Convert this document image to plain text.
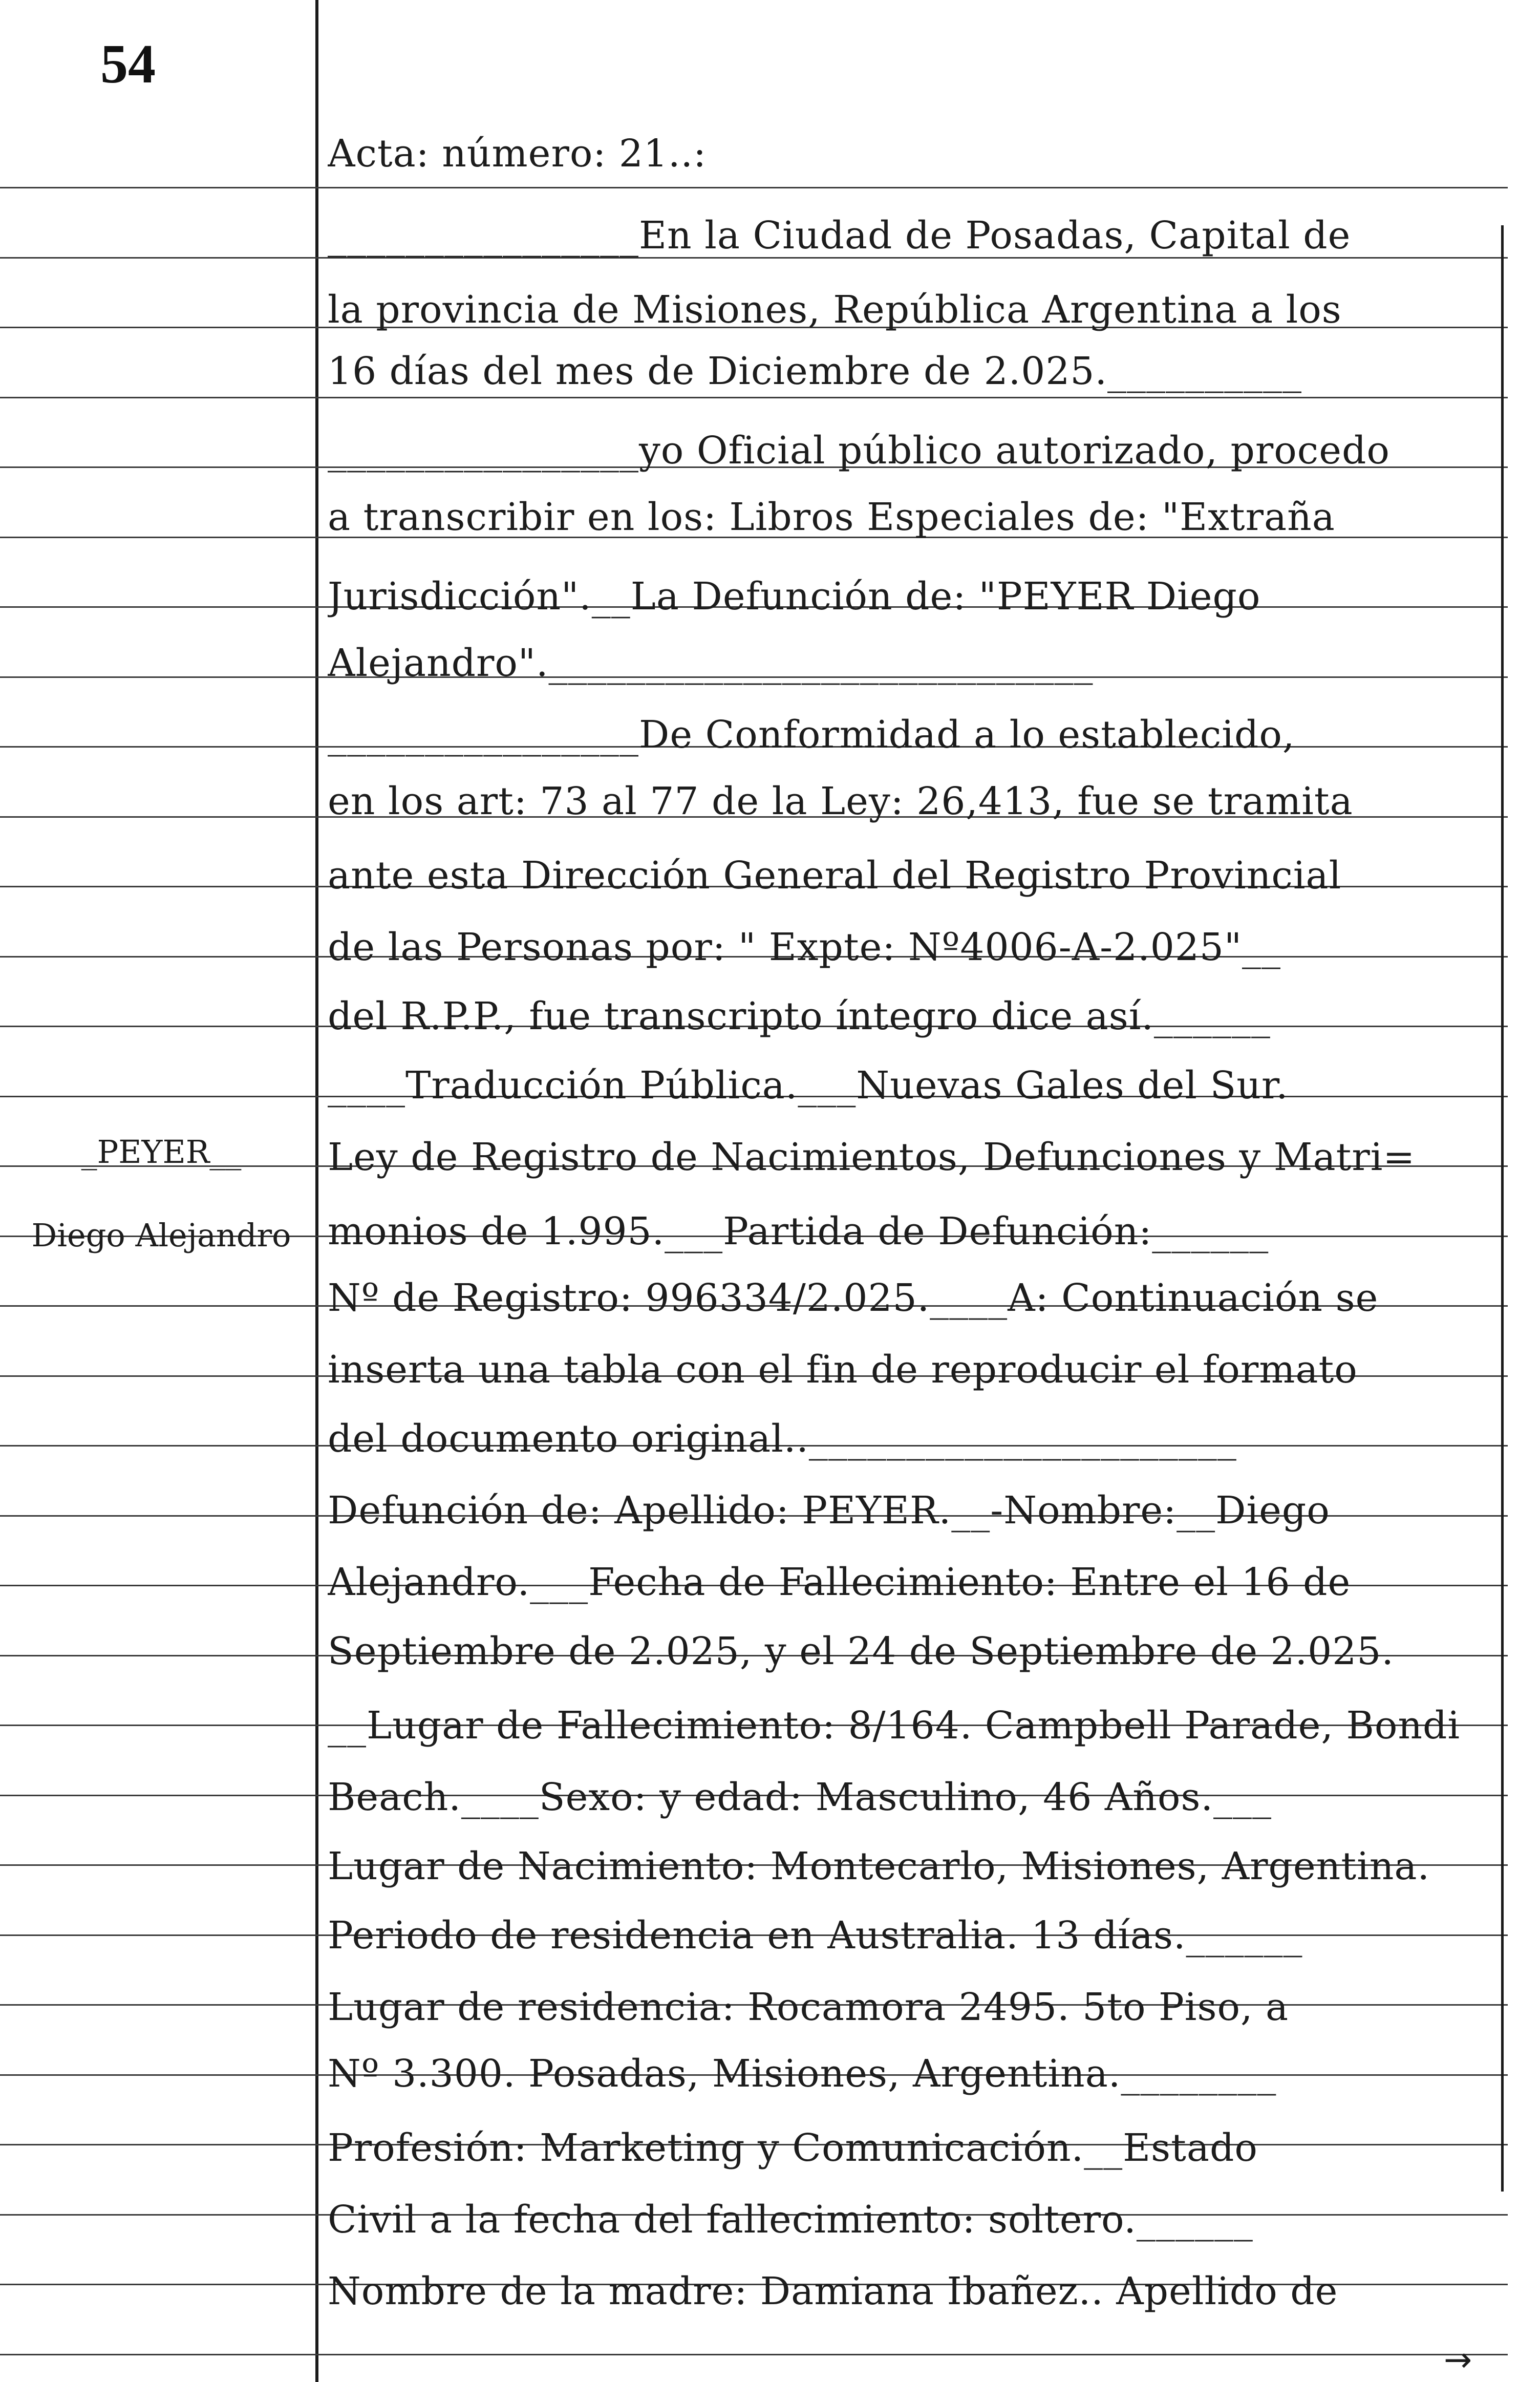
54
_PEYER__
Diego Alejandro
Acta: número: 21..:
________________En la Ciudad de Posadas, Capital de
la provincia de Misiones, República Argentina a los
16 días del mes de Diciembre de 2.025.__________
________________yo Oficial público autorizado, procedo
a transcribir en los: Libros Especiales de: "Extraña
Jurisdicción".__La Defunción de: "PEYER Diego
Alejandro".____________________________
________________De Conformidad a lo establecido,
en los art: 73 al 77 de la Ley: 26,413, fue se tramita
ante esta Dirección General del Registro Provincial
de las Personas por: " Expte: Nº4006-A-2.025"__
del R.P.P., fue transcripto íntegro dice así.______
____Traducción Pública.___Nuevas Gales del Sur.
Ley de Registro de Nacimientos, Defunciones y Matri=
monios de 1.995.___Partida de Defunción:______
Nº de Registro: 996334/2.025.____A: Continuación se
inserta una tabla con el fin de reproducir el formato
del documento original..______________________
Defunción de: Apellido: PEYER.__-Nombre:__Diego
Alejandro.___Fecha de Fallecimiento: Entre el 16 de
Septiembre de 2.025, y el 24 de Septiembre de 2.025.
__Lugar de Fallecimiento: 8/164. Campbell Parade, Bondi
Beach.____Sexo: y edad: Masculino, 46 Años.___
Lugar de Nacimiento: Montecarlo, Misiones, Argentina.
Periodo de residencia en Australia. 13 días.______
Lugar de residencia: Rocamora 2495. 5to Piso, a
Nº 3.300. Posadas, Misiones, Argentina.________
Profesión: Marketing y Comunicación.__Estado
Civil a la fecha del fallecimiento: soltero.______
Nombre de la madre: Damiana Ibañez.. Apellido de
→
